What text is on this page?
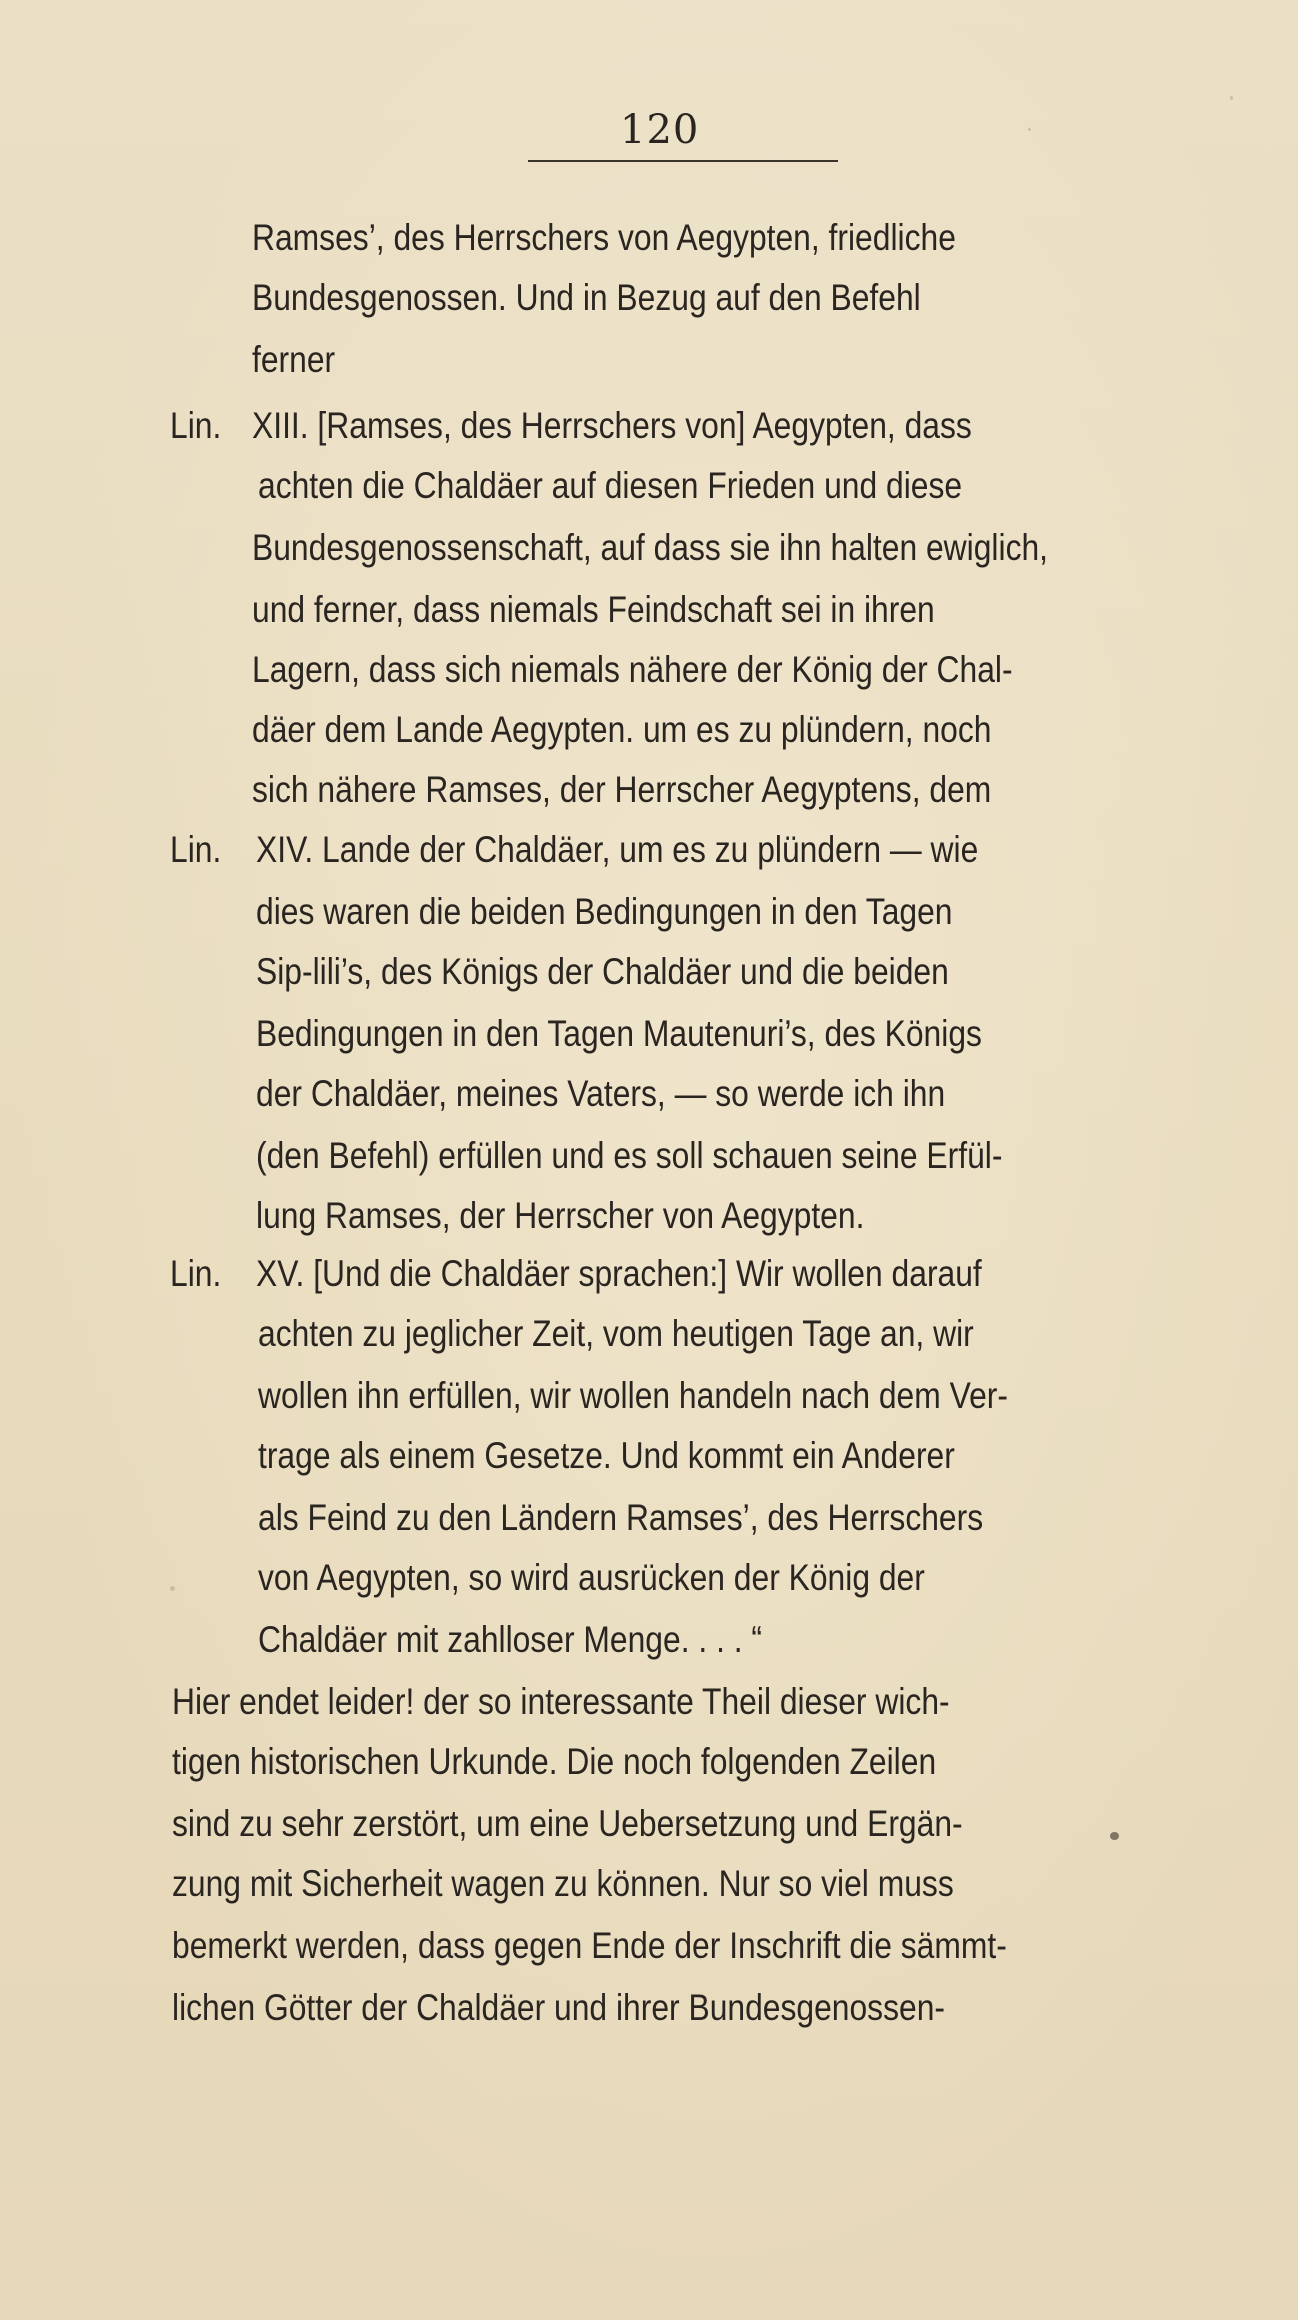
120
Lin.
Lin.
Lin.
Ramses’, des Herrschers von Aegypten, friedliche
Bundesgenossen. Und in Bezug auf den Befehl
ferner
XIII. [Ramses, des Herrschers von] Aegypten, dass
achten die Chaldäer auf diesen Frieden und diese
Bundesgenossenschaft, auf dass sie ihn halten ewiglich,
und ferner, dass niemals Feindschaft sei in ihren
Lagern, dass sich niemals nähere der König der Chal-
däer dem Lande Aegypten. um es zu plündern, noch
sich nähere Ramses, der Herrscher Aegyptens, dem
XIV. Lande der Chaldäer, um es zu plündern — wie
dies waren die beiden Bedingungen in den Tagen
Sip-lili’s, des Königs der Chaldäer und die beiden
Bedingungen in den Tagen Mautenuri’s, des Königs
der Chaldäer, meines Vaters, — so werde ich ihn
(den Befehl) erfüllen und es soll schauen seine Erfül-
lung Ramses, der Herrscher von Aegypten.
XV. [Und die Chaldäer sprachen:] Wir wollen darauf
achten zu jeglicher Zeit, vom heutigen Tage an, wir
wollen ihn erfüllen, wir wollen handeln nach dem Ver-
trage als einem Gesetze. Und kommt ein Anderer
als Feind zu den Ländern Ramses’, des Herrschers
von Aegypten, so wird ausrücken der König der
Chaldäer mit zahlloser Menge. . . . “
Hier endet leider! der so interessante Theil dieser wich-
tigen historischen Urkunde. Die noch folgenden Zeilen
sind zu sehr zerstört, um eine Uebersetzung und Ergän-
zung mit Sicherheit wagen zu können. Nur so viel muss
bemerkt werden, dass gegen Ende der Inschrift die sämmt-
lichen Götter der Chaldäer und ihrer Bundesgenossen-
